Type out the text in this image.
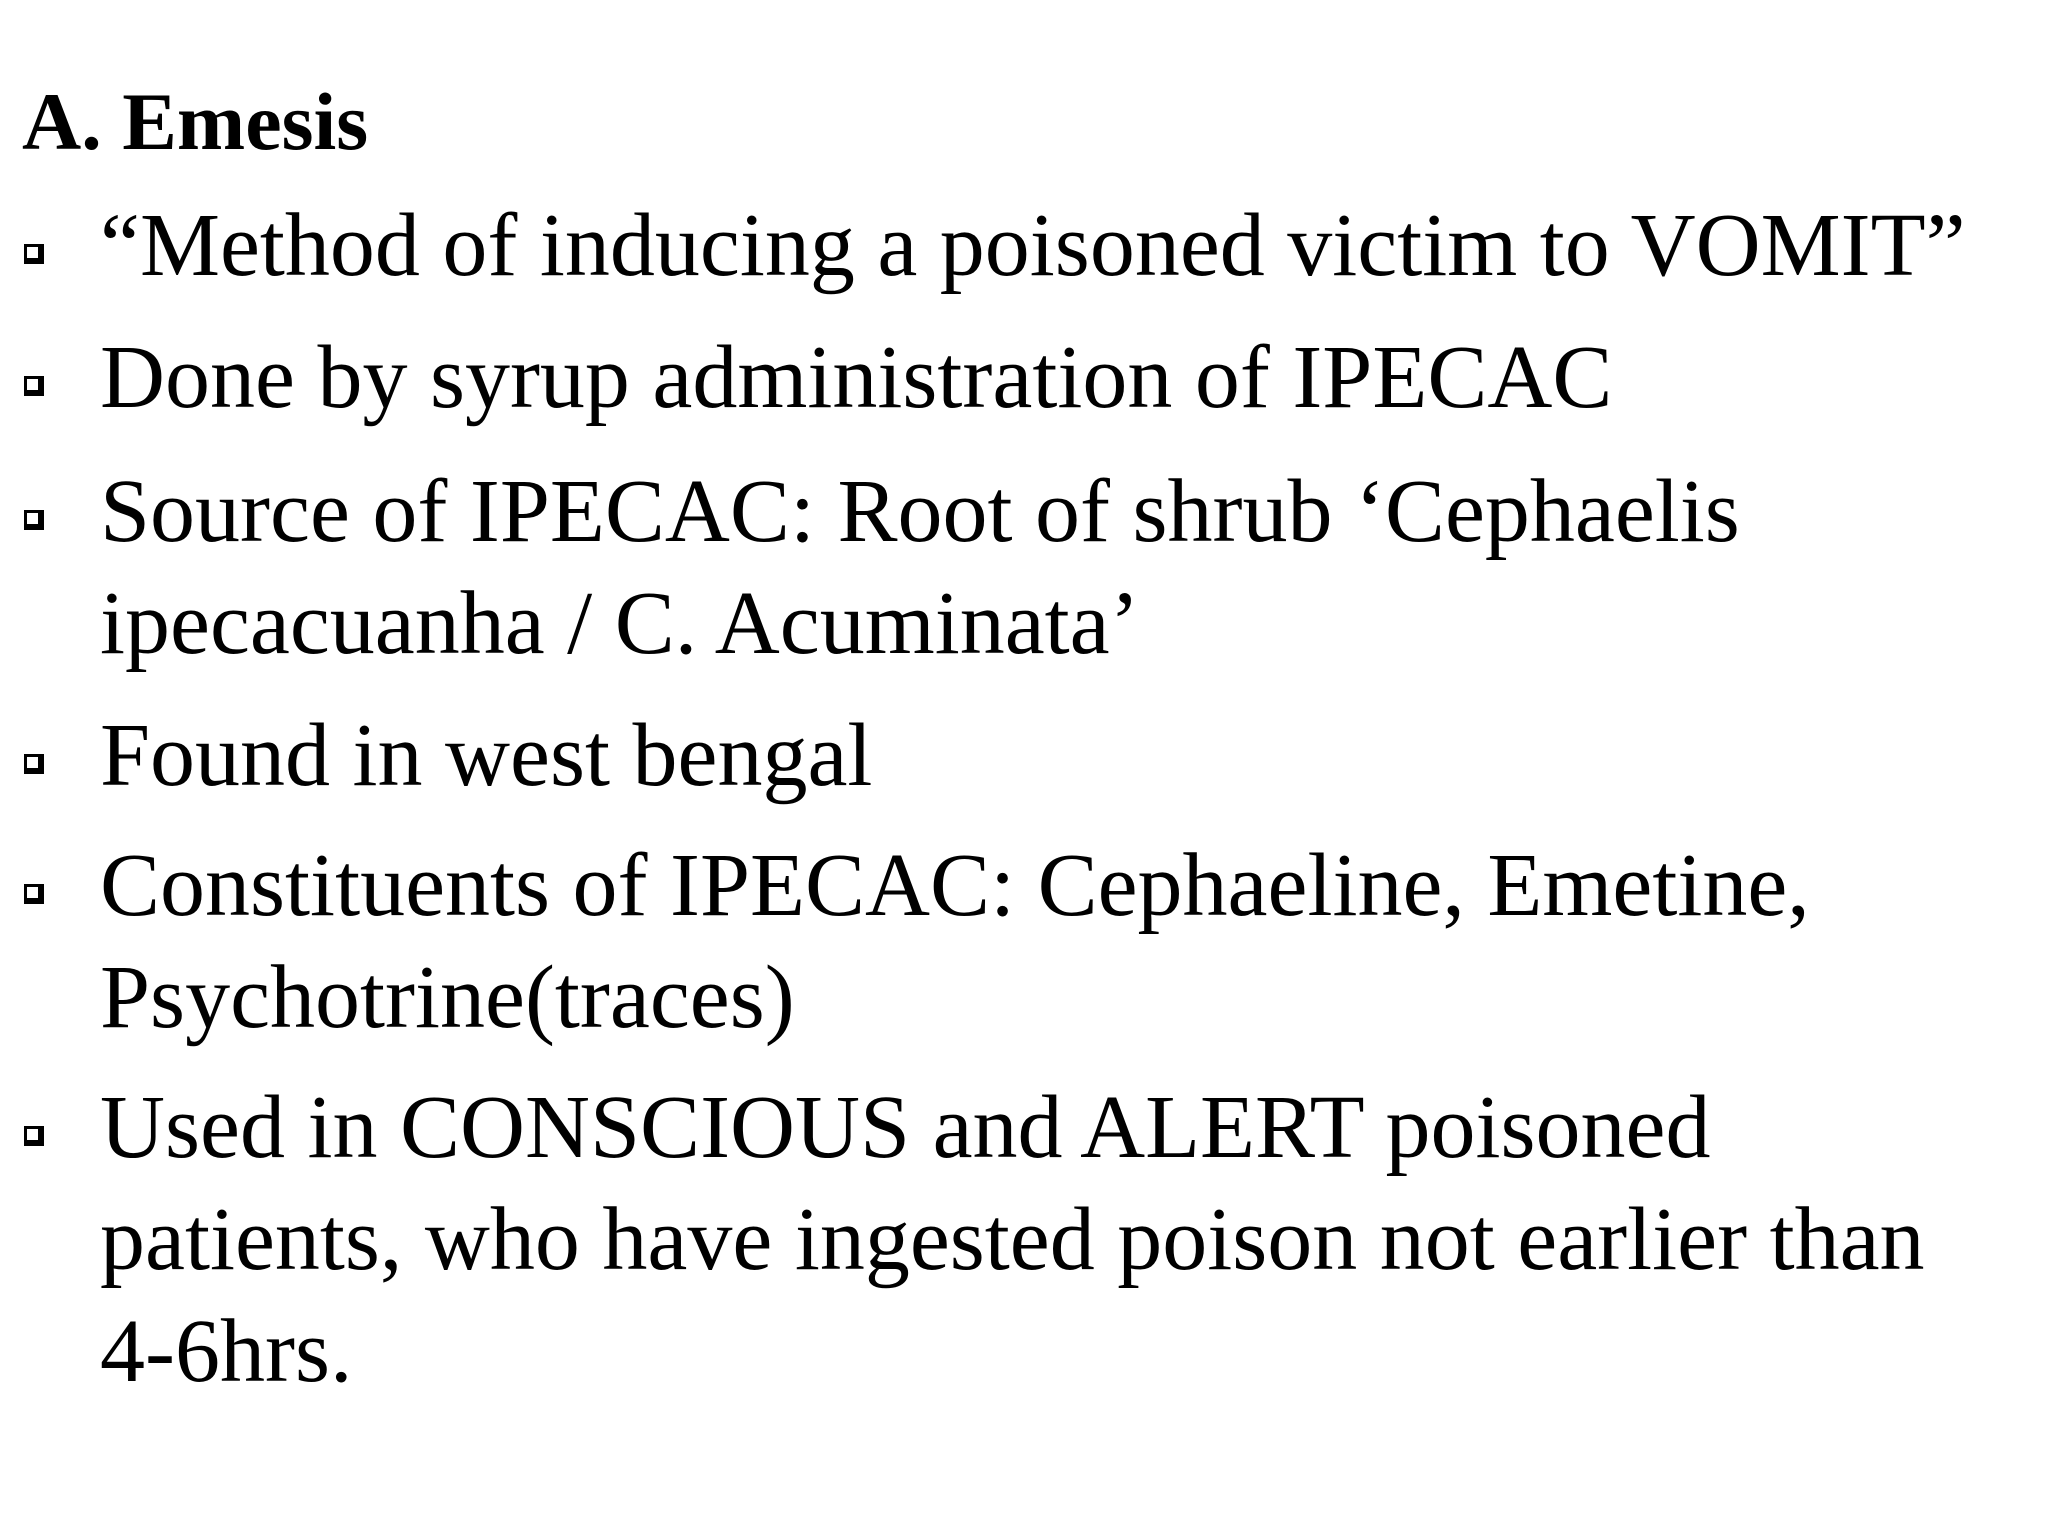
A. Emesis
“Method of inducing a poisoned victim to VOMIT”
Done by syrup administration of IPECAC
Source of IPECAC: Root of shrub ‘Cephaelis
ipecacuanha / C. Acuminata’
Found in west bengal
Constituents of IPECAC: Cephaeline, Emetine,
Psychotrine(traces)
Used in CONSCIOUS and ALERT poisoned
patients, who have ingested poison not earlier than
4-6hrs.
